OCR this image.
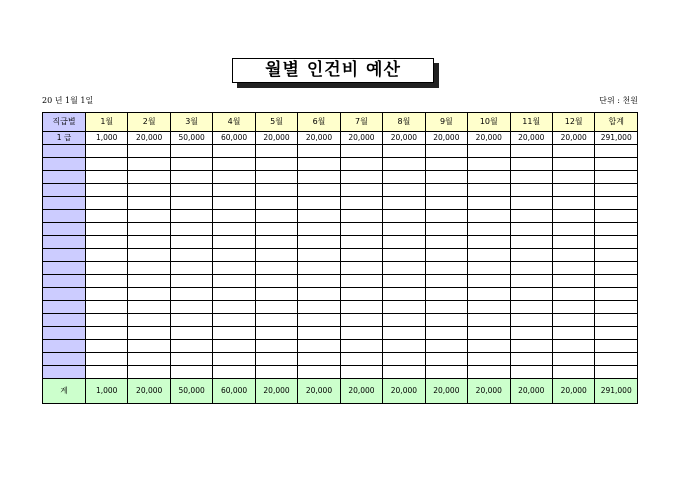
월별 인건비 예산
20 년 1월 1일	단위 : 천원
직급별	1월	2월	3월	4월	5월	6월	7월	8월	9월	10월	11월	12월	합계
1 급	1,000	20,000	50,000	60,000	20,000	20,000	20,000	20,000	20,000	20,000	20,000	20,000	291,000

계	1,000	20,000	50,000	60,000	20,000	20,000	20,000	20,000	20,000	20,000	20,000	20,000	291,000
